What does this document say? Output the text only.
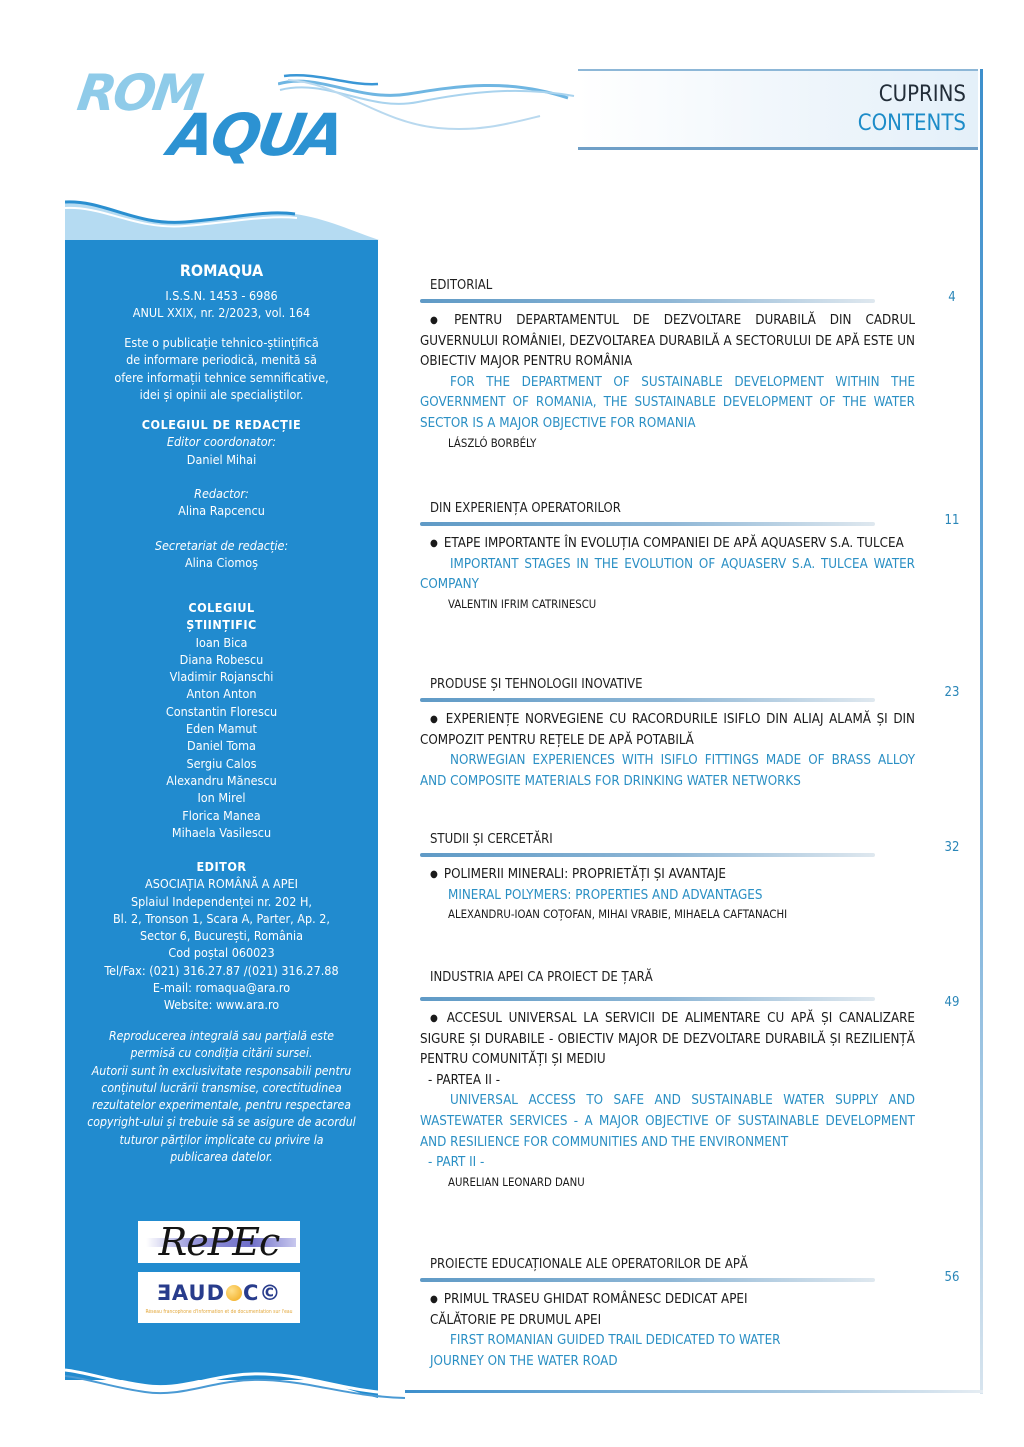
ROM
AQUA
CUPRINS
CONTENTS
ROMAQUA
I.S.S.N. 1453 - 6986
ANUL XXIX, nr. 2/2023, vol. 164
Este o publicație tehnico-științifică
de informare periodică, menită să
ofere informații tehnice semnificative,
idei și opinii ale specialiștilor.
COLEGIUL DE REDACȚIE
Editor coordonator:
Daniel Mihai
Redactor:
Alina Rapcencu
Secretariat de redacție:
Alina Ciomoș
COLEGIUL
ȘTIINȚIFIC
Ioan Bica
Diana Robescu
Vladimir Rojanschi
Anton Anton
Constantin Florescu
Eden Mamut
Daniel Toma
Sergiu Calos
Alexandru Mănescu
Ion Mirel
Florica Manea
Mihaela Vasilescu
EDITOR
ASOCIAȚIA ROMÂNĂ A APEI
Splaiul Independenței nr. 202 H,
Bl. 2, Tronson 1, Scara A, Parter, Ap. 2,
Sector 6, București, România
Cod poștal 060023
Tel/Fax: (021) 316.27.87 /(021) 316.27.88
E-mail: romaqua@ara.ro
Website: www.ara.ro
Reproducerea integrală sau parțială este
permisă cu condiția citării sursei.
Autorii sunt în exclusivitate responsabili pentru
conținutul lucrării transmise, corectitudinea
rezultatelor experimentale, pentru respectarea
copyright-ului și trebuie să se asigure de acordul
tuturor părților implicate cu privire la
publicarea datelor.
RePEc
ƎAUD C©
Réseau francophone d'Information et de documentation sur l'eau
EDITORIAL
● PENTRU DEPARTAMENTUL DE DEZVOLTARE DURABILĂ DIN CADRUL GUVERNULUI ROMÂNIEI, DEZVOLTAREA DURABILĂ A SECTORULUI DE APĂ ESTE UN OBIECTIV MAJOR PENTRU ROMÂNIA
FOR THE DEPARTMENT OF SUSTAINABLE DEVELOPMENT WITHIN THE GOVERNMENT OF ROMANIA, THE SUSTAINABLE DEVELOPMENT OF THE WATER SECTOR IS A MAJOR OBJECTIVE FOR ROMANIA
LÁSZLÓ BORBÉLY
4
DIN EXPERIENȚA OPERATORILOR
● ETAPE IMPORTANTE ÎN EVOLUȚIA COMPANIEI DE APĂ AQUASERV S.A. TULCEA
IMPORTANT STAGES IN THE EVOLUTION OF AQUASERV S.A. TULCEA WATER COMPANY
VALENTIN IFRIM CATRINESCU
11
PRODUSE ȘI TEHNOLOGII INOVATIVE
● EXPERIENȚE NORVEGIENE CU RACORDURILE ISIFLO DIN ALIAJ ALAMĂ ȘI DIN COMPOZIT PENTRU REȚELE DE APĂ POTABILĂ
NORWEGIAN EXPERIENCES WITH ISIFLO FITTINGS MADE OF BRASS ALLOY AND COMPOSITE MATERIALS FOR DRINKING WATER NETWORKS
23
STUDII ȘI CERCETĂRI
● POLIMERII MINERALI: PROPRIETĂȚI ȘI AVANTAJE
MINERAL POLYMERS: PROPERTIES AND ADVANTAGES
ALEXANDRU-IOAN COȚOFAN, MIHAI VRABIE, MIHAELA CAFTANACHI
32
INDUSTRIA APEI CA PROIECT DE ȚARĂ
● ACCESUL UNIVERSAL LA SERVICII DE ALIMENTARE CU APĂ ȘI CANALIZARE SIGURE ȘI DURABILE - OBIECTIV MAJOR DE DEZVOLTARE DURABILĂ ȘI REZILIENȚĂ PENTRU COMUNITĂȚI ȘI MEDIU
- PARTEA II -
UNIVERSAL ACCESS TO SAFE AND SUSTAINABLE WATER SUPPLY AND WASTEWATER SERVICES - A MAJOR OBJECTIVE OF SUSTAINABLE DEVELOPMENT AND RESILIENCE FOR COMMUNITIES AND THE ENVIRONMENT
- PART II -
AURELIAN LEONARD DANU
49
PROIECTE EDUCAȚIONALE ALE OPERATORILOR DE APĂ
● PRIMUL TRASEU GHIDAT ROMÂNESC DEDICAT APEI
CĂLĂTORIE PE DRUMUL APEI
FIRST ROMANIAN GUIDED TRAIL DEDICATED TO WATER
JOURNEY ON THE WATER ROAD
56
